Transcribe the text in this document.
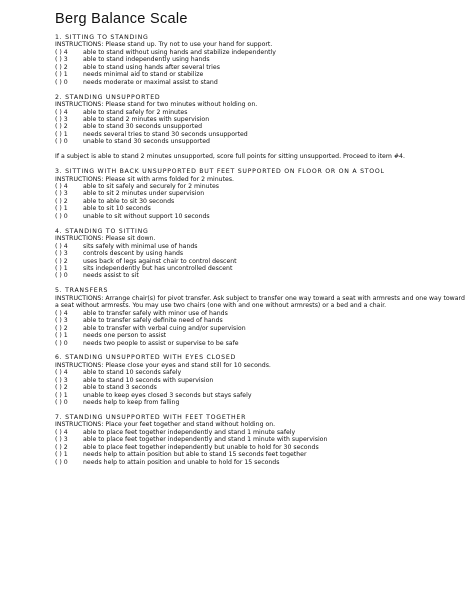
Berg Balance Scale
1. SITTING TO STANDING
INSTRUCTIONS: Please stand up. Try not to use your hand for support.
( ) 4	able to stand without using hands and stabilize independently
( ) 3	able to stand independently using hands
( ) 2	able to stand using hands after several tries
( ) 1	needs minimal aid to stand or stabilize
( ) 0	needs moderate or maximal assist to stand
2. STANDING UNSUPPORTED
INSTRUCTIONS: Please stand for two minutes without holding on.
( ) 4	able to stand safely for 2 minutes
( ) 3	able to stand 2 minutes with supervision
( ) 2	able to stand 30 seconds unsupported
( ) 1	needs several tries to stand 30 seconds unsupported
( ) 0	unable to stand 30 seconds unsupported
If a subject is able to stand 2 minutes unsupported, score full points for sitting unsupported. Proceed to item #4.
3. SITTING WITH BACK UNSUPPORTED BUT FEET SUPPORTED ON FLOOR OR ON A STOOL
INSTRUCTIONS: Please sit with arms folded for 2 minutes.
( ) 4	able to sit safely and securely for 2 minutes
( ) 3	able to sit 2 minutes under supervision
( ) 2	able to able to sit 30 seconds
( ) 1	able to sit 10 seconds
( ) 0	unable to sit without support 10 seconds
4. STANDING TO SITTING
INSTRUCTIONS: Please sit down.
( ) 4	sits safely with minimal use of hands
( ) 3	controls descent by using hands
( ) 2	uses back of legs against chair to control descent
( ) 1	sits independently but has uncontrolled descent
( ) 0	needs assist to sit
5. TRANSFERS
INSTRUCTIONS: Arrange chair(s) for pivot transfer. Ask subject to transfer one way toward a seat with armrests and one way toward a seat without armrests. You may use two chairs (one with and one without armrests) or a bed and a chair.
( ) 4	able to transfer safely with minor use of hands
( ) 3	able to transfer safely definite need of hands
( ) 2	able to transfer with verbal cuing and/or supervision
( ) 1	needs one person to assist
( ) 0	needs two people to assist or supervise to be safe
6. STANDING UNSUPPORTED WITH EYES CLOSED
INSTRUCTIONS: Please close your eyes and stand still for 10 seconds.
( ) 4	able to stand 10 seconds safely
( ) 3	able to stand 10 seconds with supervision
( ) 2	able to stand 3 seconds
( ) 1	unable to keep eyes closed 3 seconds but stays safely
( ) 0	needs help to keep from falling
7. STANDING UNSUPPORTED WITH FEET TOGETHER
INSTRUCTIONS: Place your feet together and stand without holding on.
( ) 4	able to place feet together independently and stand 1 minute safely
( ) 3	able to place feet together independently and stand 1 minute with supervision
( ) 2	able to place feet together independently but unable to hold for 30 seconds
( ) 1	needs help to attain position but able to stand 15 seconds feet together
( ) 0	needs help to attain position and unable to hold for 15 seconds
